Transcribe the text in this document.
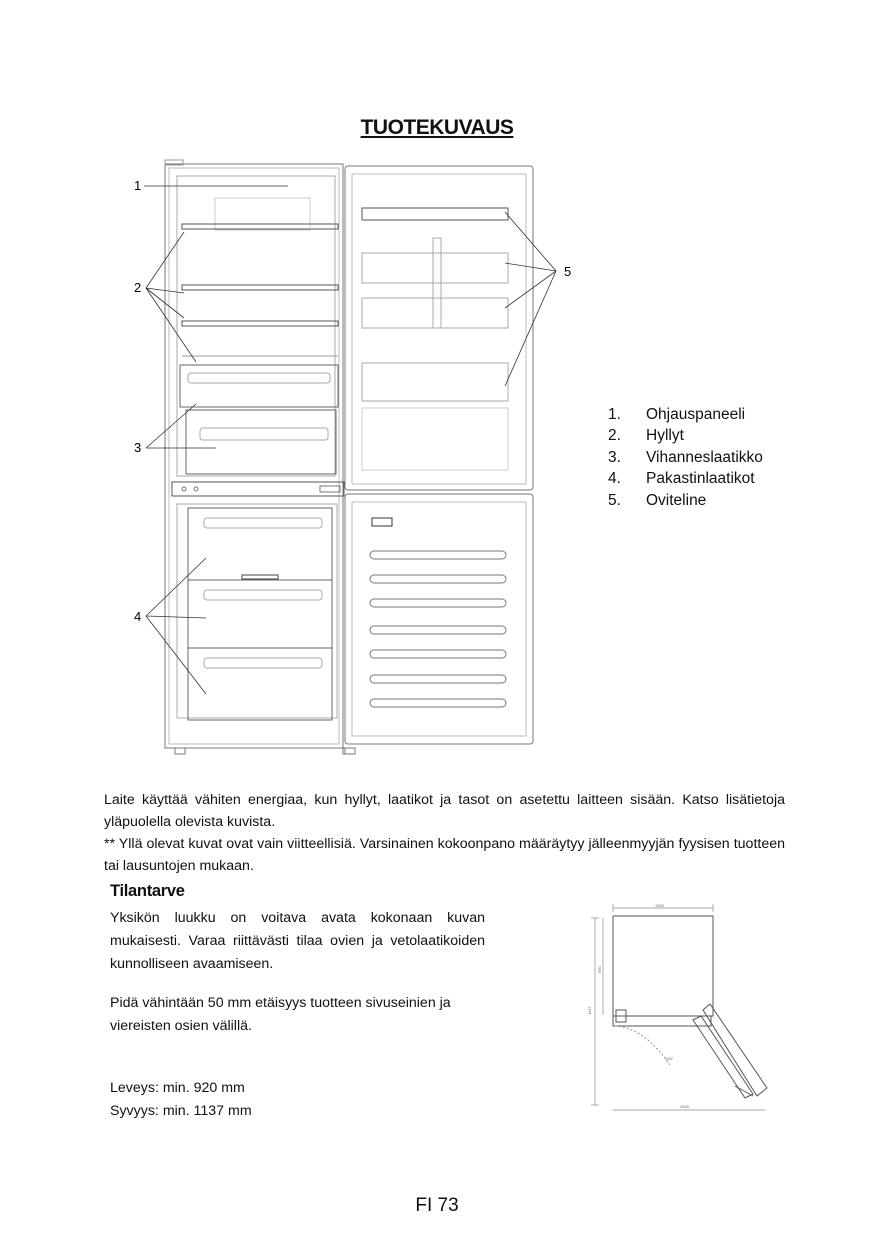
TUOTEKUVAUS
1
2
3
4
5
1.	Ohjauspaneeli
2.	Hyllyt
3.	Vihanneslaatikko
4.	Pakastinlaatikot
5.	Oviteline

Laite käyttää vähiten energiaa, kun hyllyt, laatikot ja tasot on asetettu laitteen sisään. Katso lisätietoja yläpuolella olevista kuvista.

** Yllä olevat kuvat ovat vain viitteellisiä. Varsinainen kokoonpano määräytyy jälleenmyyjän fyysisen tuotteen tai lausuntojen mukaan.

Tilantarve
Yksikön luukku on voitava avata kokonaan kuvan mukaisesti. Varaa riittävästi tilaa ovien ja vetolaatikoiden kunnolliseen avaamiseen.
Pidä vähintään 50 mm etäisyys tuotteen sivuseinien ja viereisten osien välillä.
Leveys: min. 920 mm
Syvyys: min. 1137 mm
1000
1000
1137
950
135°
FI 73
